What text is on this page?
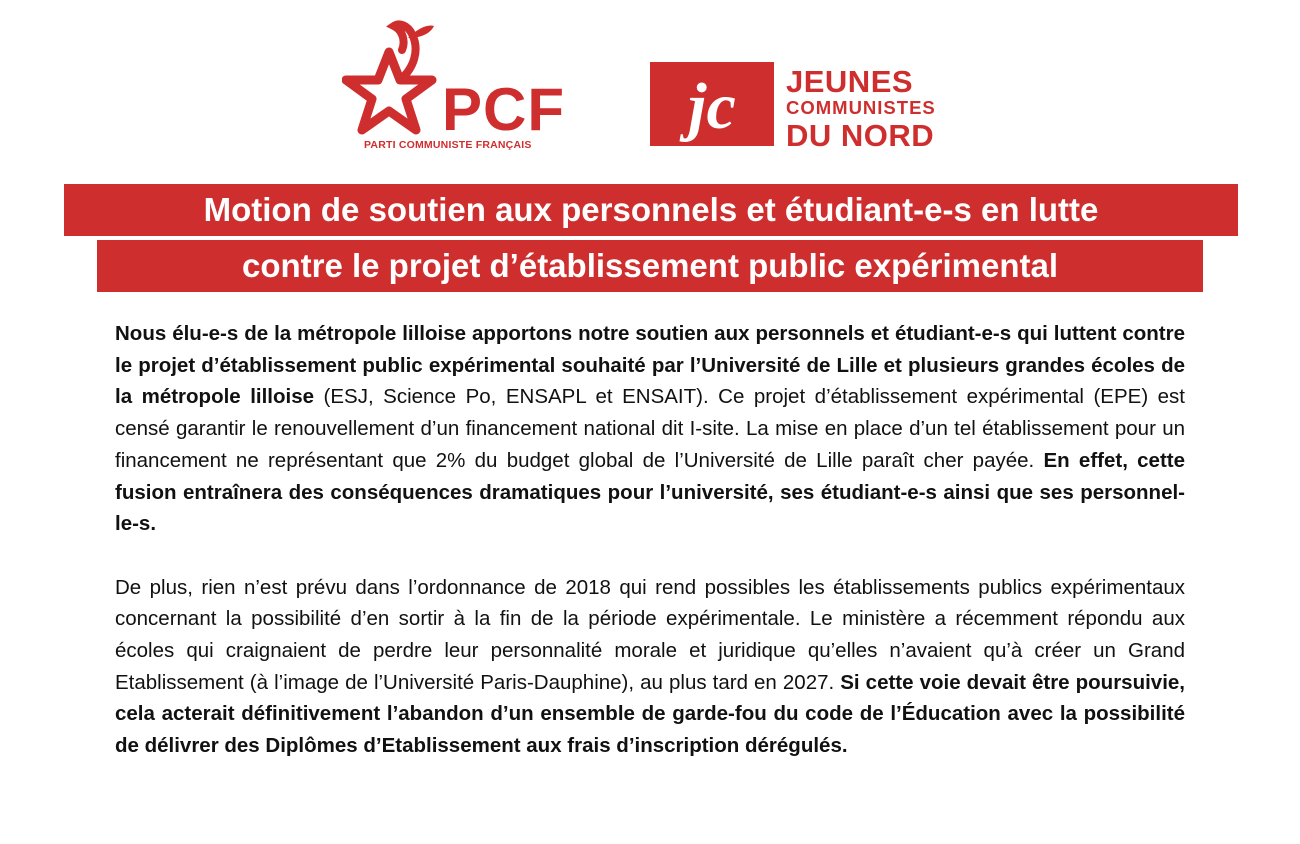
PCF
PARTI COMMUNISTE FRANÇAIS
jc JEUNES
COMMUNISTES
DU NORD
Motion de soutien aux personnels et étudiant-e-s en lutte
contre le projet d’établissement public expérimental

Nous élu-e-s de la métropole lilloise apportons notre soutien aux personnels et étudiant-e-s qui luttent contre le projet d’établissement public expérimental souhaité par l’Université de Lille et plusieurs grandes écoles de la métropole lilloise (ESJ, Science Po, ENSAPL et ENSAIT). Ce projet d’établissement expérimental (EPE) est censé garantir le renouvellement d’un financement national dit I-site. La mise en place d’un tel établissement pour un financement ne représentant que 2% du budget global de l’Université de Lille paraît cher payée. En effet, cette fusion entraînera des conséquences dramatiques pour l’université, ses étudiant-e-s ainsi que ses personnel-le-s.

De plus, rien n’est prévu dans l’ordonnance de 2018 qui rend possibles les établissements publics expérimentaux concernant la possibilité d’en sortir à la fin de la période expérimentale. Le ministère a récemment répondu aux écoles qui craignaient de perdre leur personnalité morale et juridique qu’elles n’avaient qu’à créer un Grand Etablissement (à l’image de l’Université Paris-Dauphine), au plus tard en 2027. Si cette voie devait être poursuivie, cela acterait définitivement l’abandon d’un ensemble de garde-fou du code de l’Éducation avec la possibilité de délivrer des Diplômes d’Etablissement aux frais d’inscription dérégulés.
